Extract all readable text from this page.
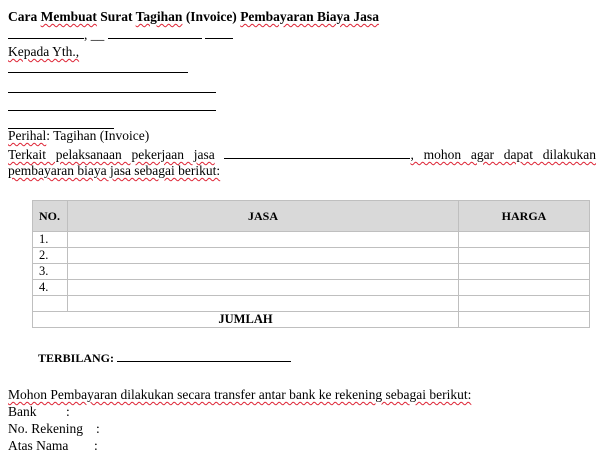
Cara Membuat Surat Tagihan (Invoice) Pembayaran Biaya Jasa
, __
Kepada Yth.,
Perihal: Tagihan (Invoice)
Terkait pelaksanaan pekerjaan jasa	, mohon agar dapat dilakukan
pembayaran biaya jasa sebagai berikut:
NO.	JASA	HARGA
1.		
2.		
3.		
4.		

JUMLAH		
TERBILANG:
Mohon Pembayaran dilakukan secara transfer antar bank ke rekening sebagai berikut:
Bank :
No. Rekening :
Atas Nama :
